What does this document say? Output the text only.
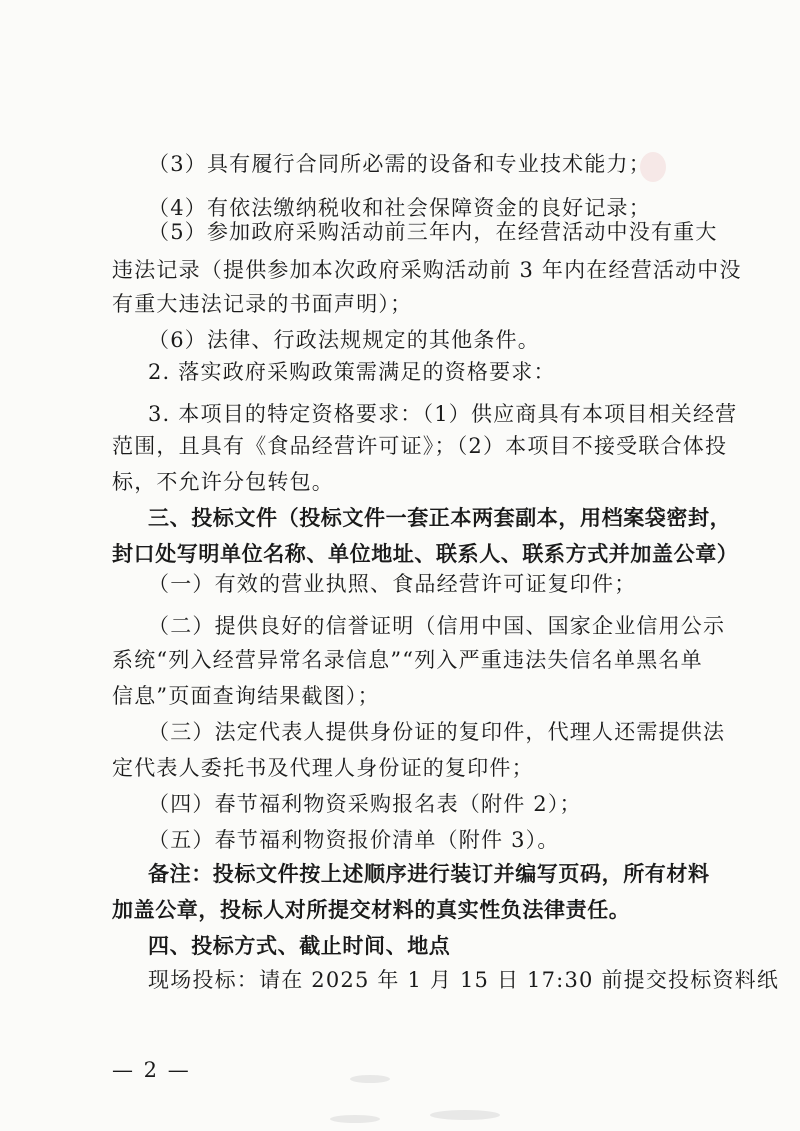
（3）具有履行合同所必需的设备和专业技术能力；
（4）有依法缴纳税收和社会保障资金的良好记录；
（5）参加政府采购活动前三年内，在经营活动中没有重大
违法记录（提供参加本次政府采购活动前 3 年内在经营活动中没
有重大违法记录的书面声明）；
（6）法律、行政法规规定的其他条件。
2. 落实政府采购政策需满足的资格要求：
3. 本项目的特定资格要求：（1）供应商具有本项目相关经营
范围，且具有《食品经营许可证》；（2）本项目不接受联合体投
标，不允许分包转包。
三、投标文件（投标文件一套正本两套副本，用档案袋密封，
封口处写明单位名称、单位地址、联系人、联系方式并加盖公章）
（一）有效的营业执照、食品经营许可证复印件；
（二）提供良好的信誉证明（信用中国、国家企业信用公示
系统“列入经营异常名录信息”“列入严重违法失信名单黑名单
信息”页面查询结果截图）；
（三）法定代表人提供身份证的复印件，代理人还需提供法
定代表人委托书及代理人身份证的复印件；
（四）春节福利物资采购报名表（附件 2）；
（五）春节福利物资报价清单（附件 3）。
备注：投标文件按上述顺序进行装订并编写页码，所有材料
加盖公章，投标人对所提交材料的真实性负法律责任。
四、投标方式、截止时间、地点
现场投标：请在 2025 年 1 月 15 日 17:30 前提交投标资料纸
— 2 —
